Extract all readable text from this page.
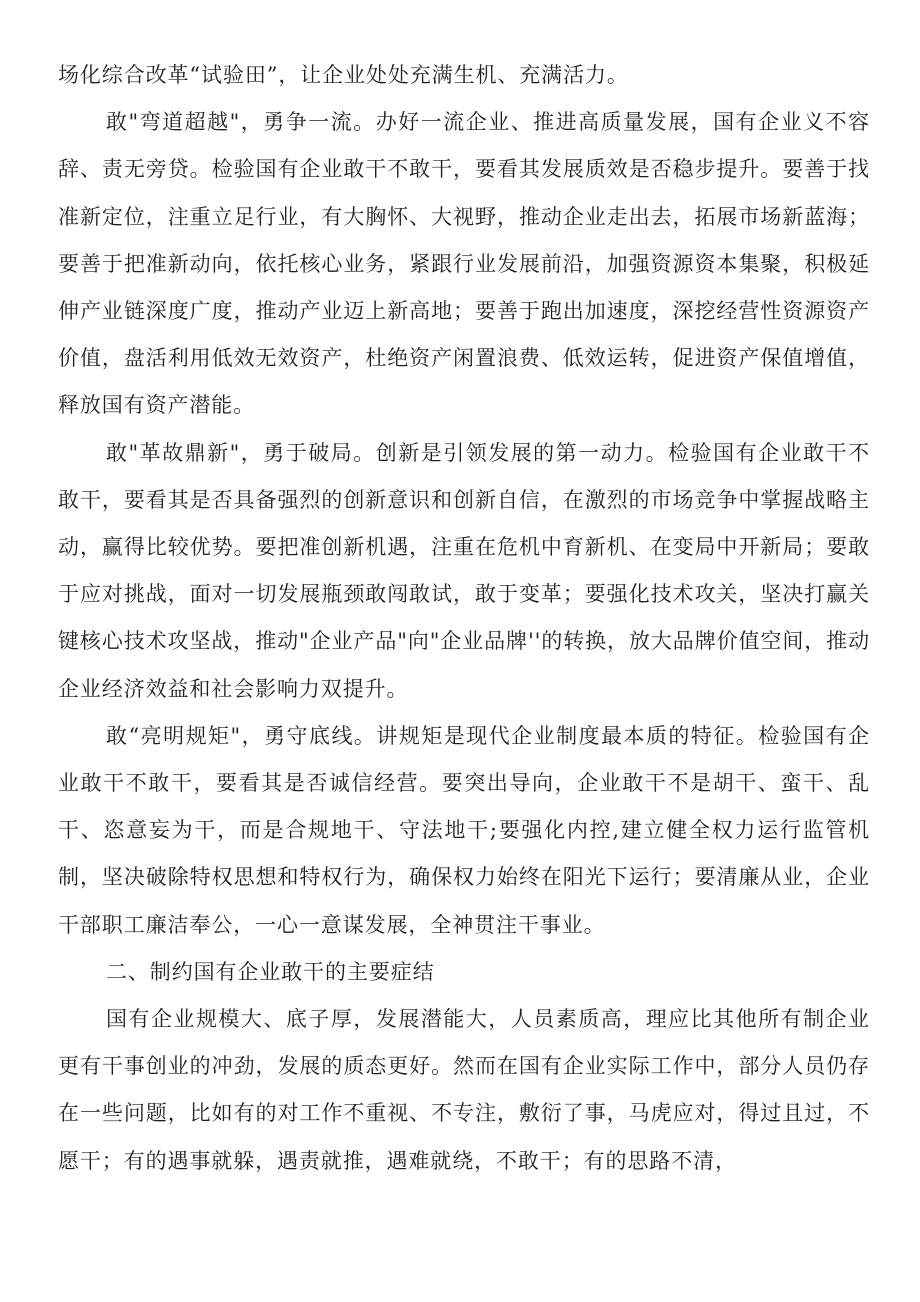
场化综合改革“试验田”，让企业处处充满生机、充满活力。

敢"弯道超越"，勇争一流。办好一流企业、推进高质量发展，国有企业义不容辞、责无旁贷。检验国有企业敢干不敢干，要看其发展质效是否稳步提升。要善于找准新定位，注重立足行业，有大胸怀、大视野，推动企业走出去，拓展市场新蓝海；要善于把准新动向，依托核心业务，紧跟行业发展前沿，加强资源资本集聚，积极延伸产业链深度广度，推动产业迈上新高地；要善于跑出加速度，深挖经营性资源资产价值，盘活利用低效无效资产，杜绝资产闲置浪费、低效运转，促进资产保值增值，释放国有资产潜能。

敢"革故鼎新"，勇于破局。创新是引领发展的第一动力。检验国有企业敢干不敢干，要看其是否具备强烈的创新意识和创新自信，在激烈的市场竞争中掌握战略主动，赢得比较优势。要把准创新机遇，注重在危机中育新机、在变局中开新局；要敢于应对挑战，面对一切发展瓶颈敢闯敢试，敢于变革；要强化技术攻关，坚决打赢关键核心技术攻坚战，推动"企业产品"向"企业品牌''的转换，放大品牌价值空间，推动企业经济效益和社会影响力双提升。

敢“亮明规矩"，勇守底线。讲规矩是现代企业制度最本质的特征。检验国有企业敢干不敢干，要看其是否诚信经营。要突出导向，企业敢干不是胡干、蛮干、乱干、恣意妄为干，而是合规地干、守法地干;要强化内控,建立健全权力运行监管机制，坚决破除特权思想和特权行为，确保权力始终在阳光下运行；要清廉从业，企业干部职工廉洁奉公，一心一意谋发展，全神贯注干事业。

二、制约国有企业敢干的主要症结

国有企业规模大、底子厚，发展潜能大，人员素质高，理应比其他所有制企业更有干事创业的冲劲，发展的质态更好。然而在国有企业实际工作中，部分人员仍存在一些问题，比如有的对工作不重视、不专注，敷衍了事，马虎应对，得过且过，不愿干；有的遇事就躲，遇责就推，遇难就绕，不敢干；有的思路不清，
